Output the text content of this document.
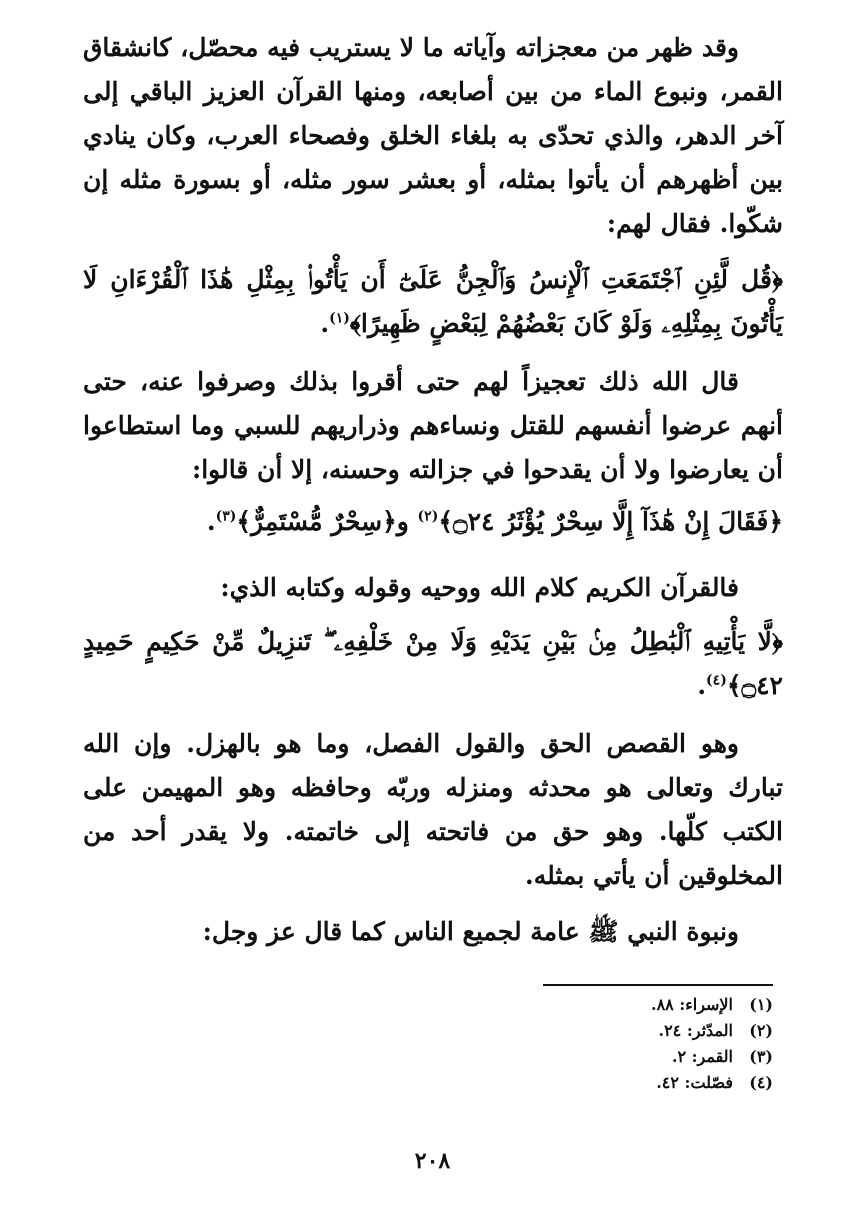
وقد ظهر من معجزاته وآياته ما لا يستريب فيه محصّل، كانشقاق القمر، ونبوع الماء من بين أصابعه، ومنها القرآن العزيز الباقي إلى آخر الدهر، والذي تحدّى به بلغاء الخلق وفصحاء العرب، وكان ينادي بين أظهرهم أن يأتوا بمثله، أو بعشر سور مثله، أو بسورة مثله إن شكّوا. فقال لهم:

﴿قُل لَّئِنِ ٱجْتَمَعَتِ ٱلْإِنسُ وَٱلْجِنُّ عَلَىٰٓ أَن يَأْتُوا۟ بِمِثْلِ هَٰذَا ٱلْقُرْءَانِ لَا يَأْتُونَ بِمِثْلِهِۦ وَلَوْ كَانَ بَعْضُهُمْ لِبَعْضٍ ظَهِيرًا﴾$^{(١)}$.

قال الله ذلك تعجيزاً لهم حتى أقروا بذلك وصرفوا عنه، حتى أنهم عرضوا أنفسهم للقتل ونساءهم وذراريهم للسبي وما استطاعوا أن يعارضوا ولا أن يقدحوا في جزالته وحسنه، إلا أن قالوا:

﴿فَقَالَ إِنْ هَٰذَآ إِلَّا سِحْرٌ يُؤْثَرُ ۝٢٤﴾$^{(٢)}$ و﴿سِحْرٌ مُّسْتَمِرٌّ﴾$^{(٣)}$.

فالقرآن الكريم كلام الله ووحيه وقوله وكتابه الذي:

﴿لَّا يَأْتِيهِ ٱلْبَٰطِلُ مِنۢ بَيْنِ يَدَيْهِ وَلَا مِنْ خَلْفِهِۦ ۖ تَنزِيلٌ مِّنْ حَكِيمٍ حَمِيدٍ ۝٤٢﴾$^{(٤)}$.

وهو القصص الحق والقول الفصل، وما هو بالهزل. وإن الله تبارك وتعالى هو محدثه ومنزله وربّه وحافظه وهو المهيمن على الكتب كلّها. وهو حق من فاتحته إلى خاتمته. ولا يقدر أحد من المخلوقين أن يأتي بمثله.

ونبوة النبي ﷺ عامة لجميع الناس كما قال عز وجل:

(١)الإسراء: ٨٨.
(٢)المدّثر: ٢٤.
(٣)القمر: ٢.
(٤)فصّلت: ٤٢.
٢٠٨
